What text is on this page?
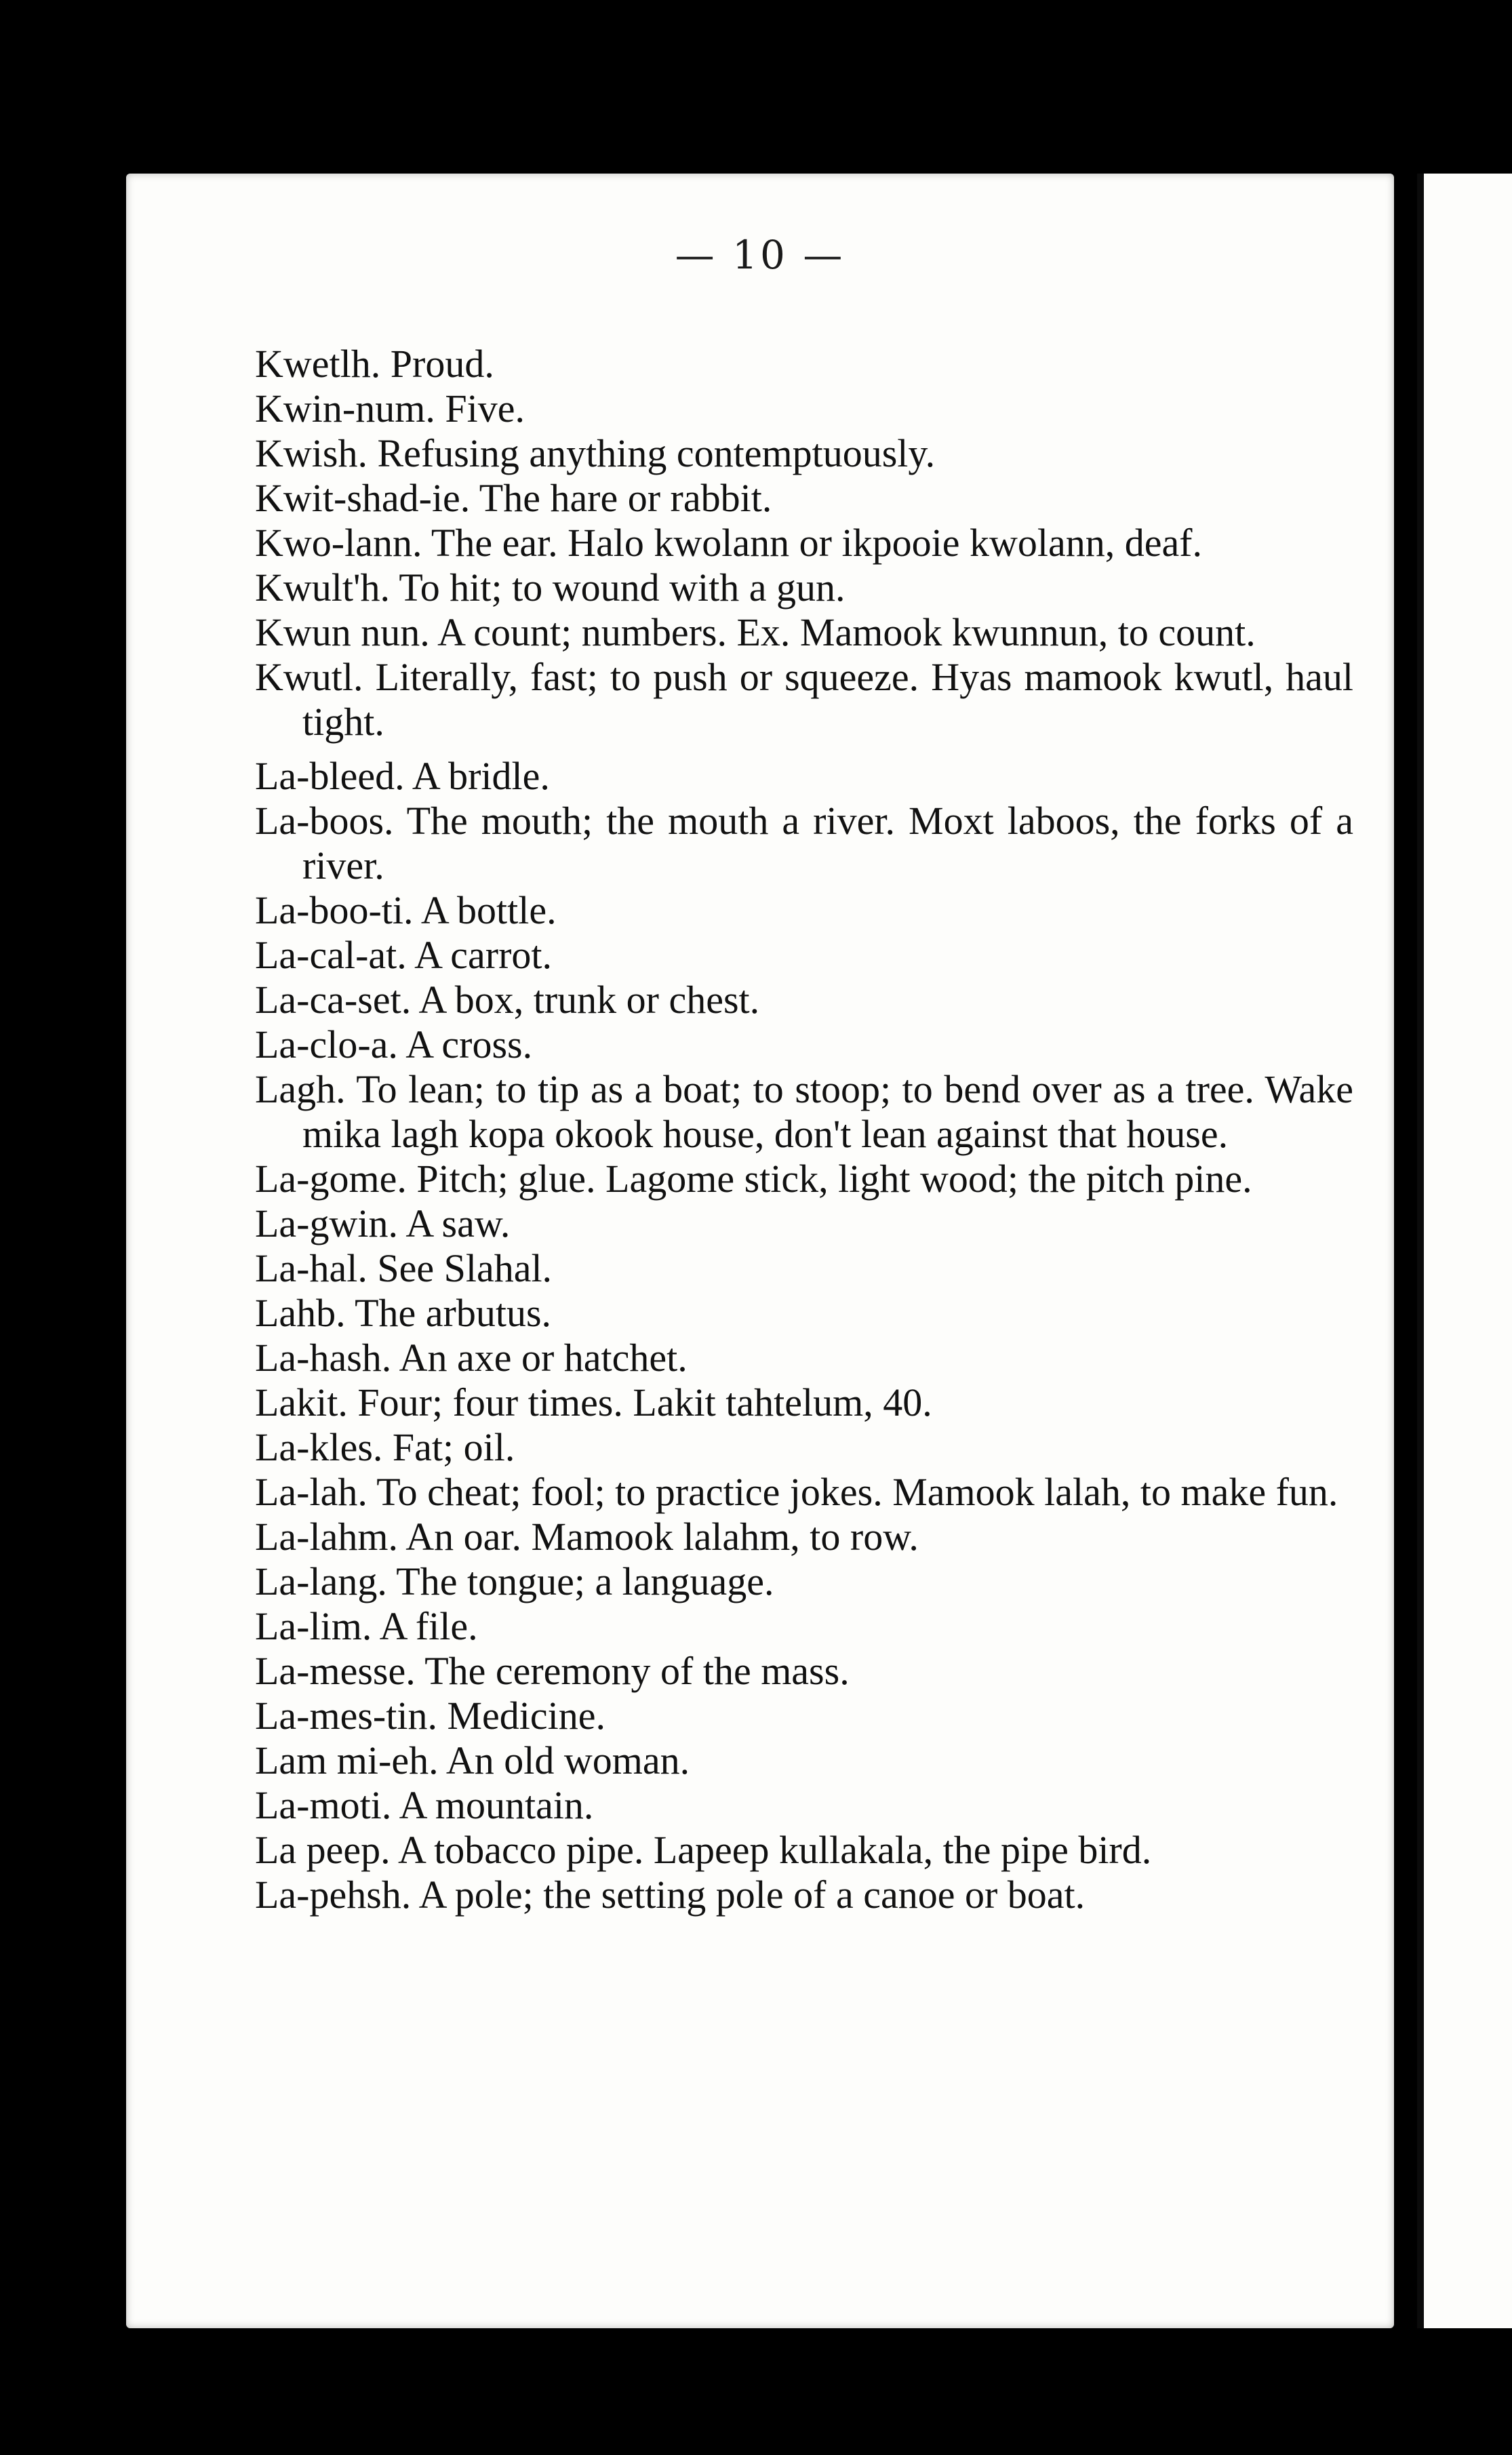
— 10 —

Kwetlh. Proud.

Kwin-num. Five.

Kwish. Refusing anything contemptuously.

Kwit-shad-ie. The hare or rabbit.

Kwo-lann. The ear. Halo kwolann or ikpooie kwolann, deaf.

Kwult'h. To hit; to wound with a gun.

Kwun nun. A count; numbers. Ex. Mamook kwunnun, to count.

Kwutl. Literally, fast; to push or squeeze. Hyas mamook kwutl, haul tight.

La-bleed. A bridle.

La-boos. The mouth; the mouth a river. Moxt laboos, the forks of a river.

La-boo-ti. A bottle.

La-cal-at. A carrot.

La-ca-set. A box, trunk or chest.

La-clo-a. A cross.

Lagh. To lean; to tip as a boat; to stoop; to bend over as a tree. Wake mika lagh kopa okook house, don't lean against that house.

La-gome. Pitch; glue. Lagome stick, light wood; the pitch pine.

La-gwin. A saw.

La-hal. See Slahal.

Lahb. The arbutus.

La-hash. An axe or hatchet.

Lakit. Four; four times. Lakit tahtelum, 40.

La-kles. Fat; oil.

La-lah. To cheat; fool; to practice jokes. Mamook lalah, to make fun.

La-lahm. An oar. Mamook lalahm, to row.

La-lang. The tongue; a language.

La-lim. A file.

La-messe. The ceremony of the mass.

La-mes-tin. Medicine.

Lam mi-eh. An old woman.

La-moti. A mountain.

La peep. A tobacco pipe. Lapeep kullakala, the pipe bird.

La-pehsh. A pole; the setting pole of a canoe or boat.
